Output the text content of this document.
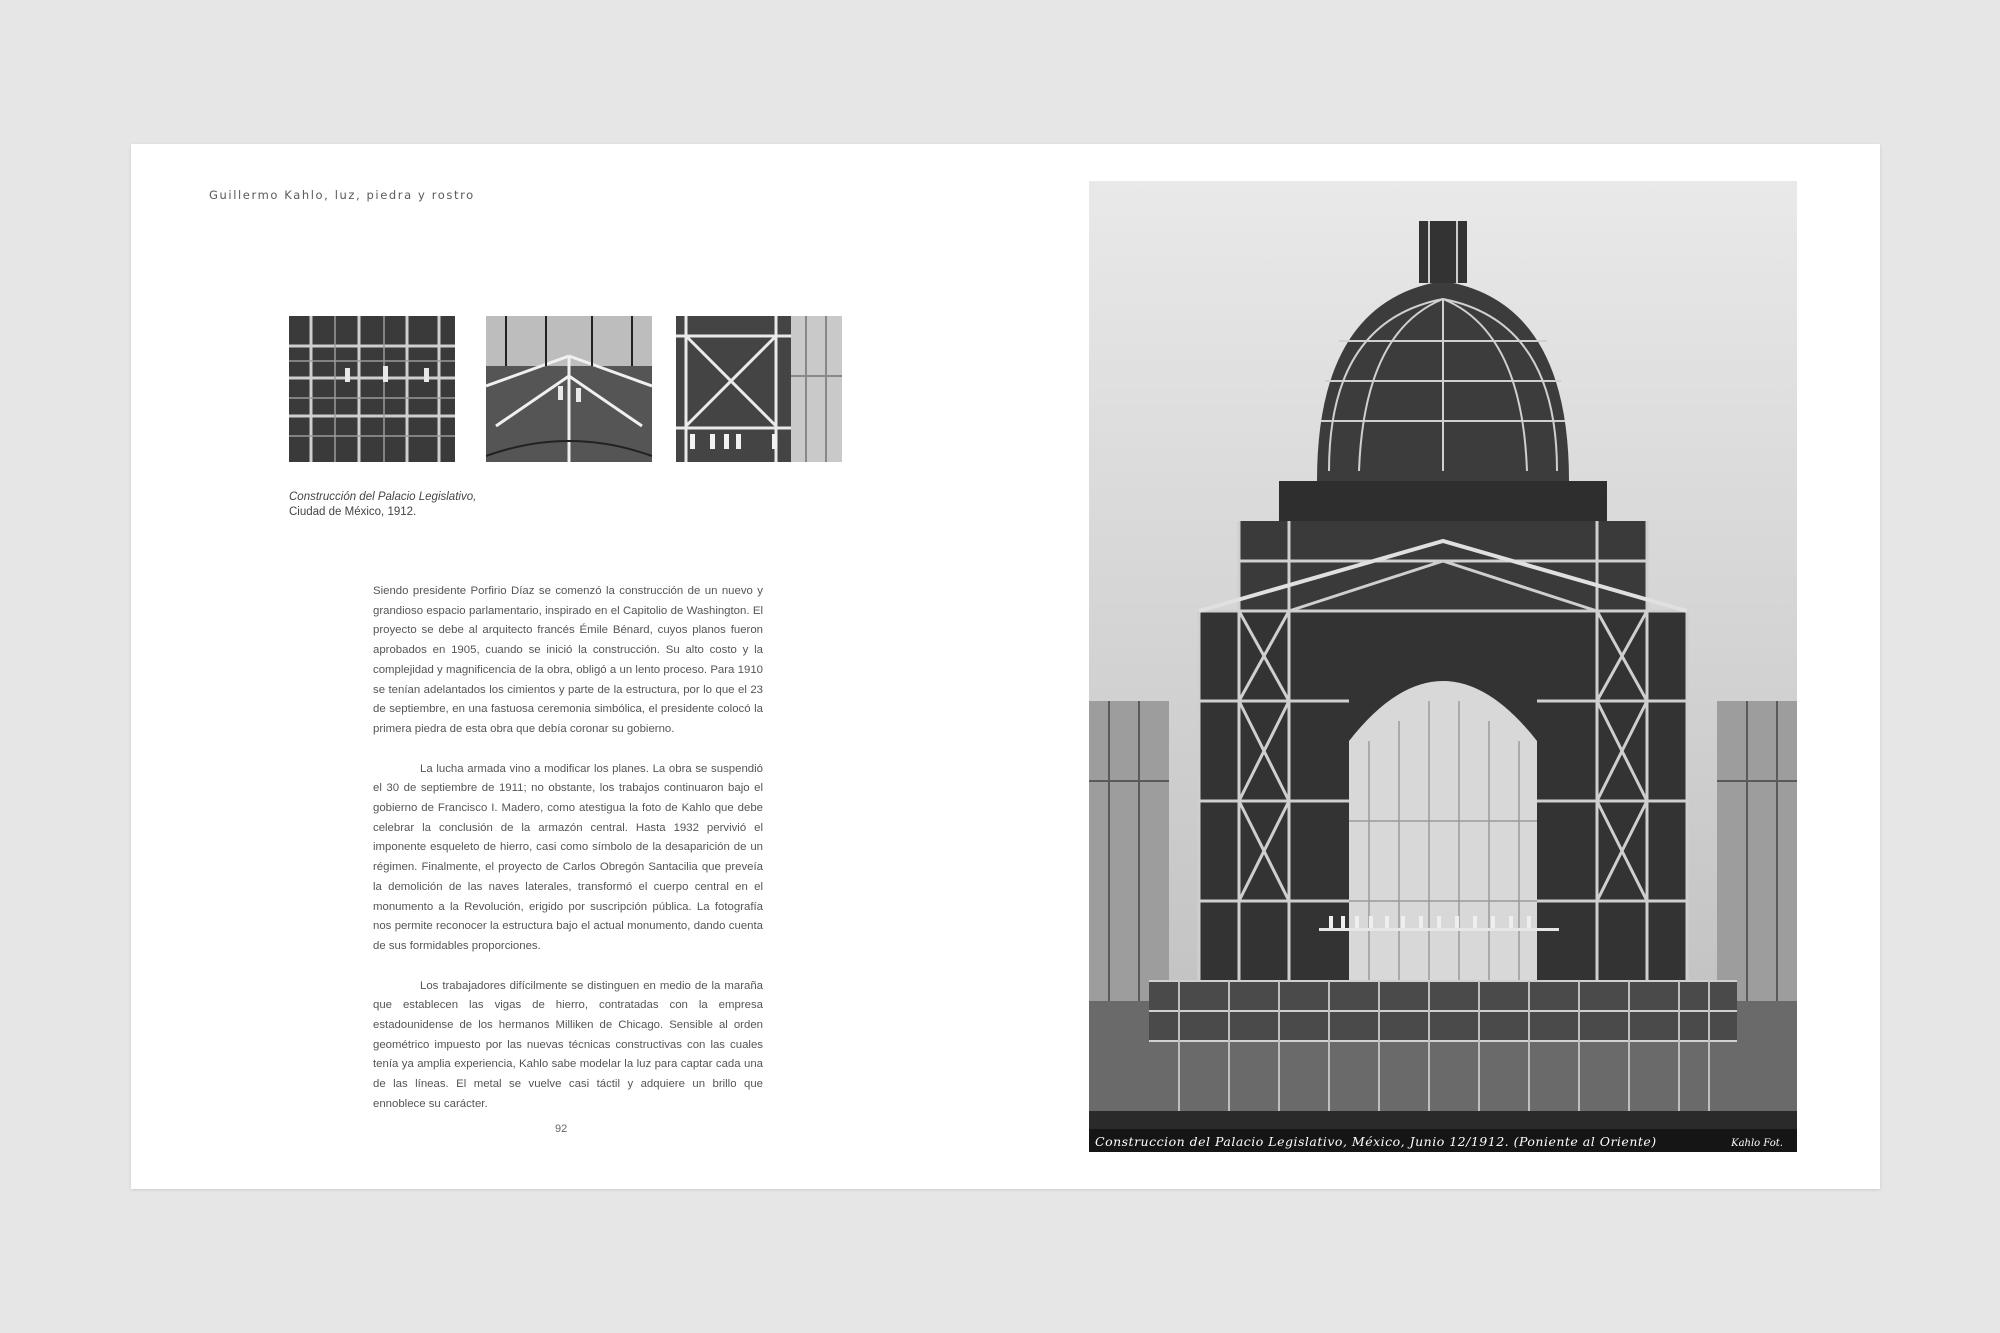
Guillermo Kahlo, luz, piedra y rostro
Construcción del Palacio Legislativo,
Ciudad de México, 1912.

Siendo presidente Porfirio Díaz se comenzó la construcción de un nuevo y grandioso espacio parlamentario, inspirado en el Capitolio de Washington. El proyecto se debe al arquitecto francés Émile Bénard, cuyos planos fueron aprobados en 1905, cuando se inició la construcción. Su alto costo y la complejidad y magnificencia de la obra, obligó a un lento proceso. Para 1910 se tenían adelantados los cimientos y parte de la estructura, por lo que el 23 de septiembre, en una fastuosa ceremonia simbólica, el presidente colocó la primera piedra de esta obra que debía coronar su gobierno.

La lucha armada vino a modificar los planes. La obra se suspendió el 30 de septiembre de 1911; no obstante, los trabajos continuaron bajo el gobierno de Francisco I. Madero, como atestigua la foto de Kahlo que debe celebrar la conclusión de la armazón central. Hasta 1932 pervivió el imponente esqueleto de hierro, casi como símbolo de la desaparición de un régimen. Finalmente, el proyecto de Carlos Obregón Santacilia que preveía la demolición de las naves laterales, transformó el cuerpo central en el monumento a la Revolución, erigido por suscripción pública. La fotografía nos permite reconocer la estructura bajo el actual monumento, dando cuenta de sus formidables proporciones.

Los trabajadores difícilmente se distinguen en medio de la maraña que establecen las vigas de hierro, contratadas con la empresa estadounidense de los hermanos Milliken de Chicago. Sensible al orden geométrico impuesto por las nuevas técnicas constructivas con las cuales tenía ya amplia experiencia, Kahlo sabe modelar la luz para captar cada una de las líneas. El metal se vuelve casi táctil y adquiere un brillo que ennoblece su carácter.

92
Construccion del Palacio Legislativo, México, Junio 12/1912. (Poniente al Oriente)	Kahlo Fot.
